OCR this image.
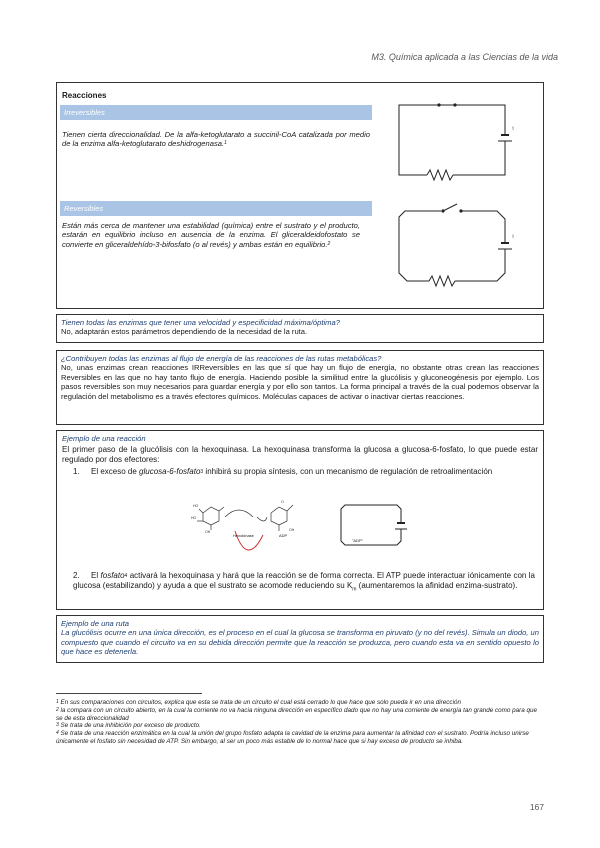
M3. Química aplicada a las Ciencias de la vida
Reacciones
Irreversibles
Tienen cierta direccionalidad. De la alfa-ketoglutarato a succinil-CoA catalizada por medio de la enzima alfa-ketoglutarato deshidrogenasa.$^1$
Reversibles
Están más cerca de mantener una estabilidad (química) entre el sustrato y el producto, estarán en equilibrio incluso en ausencia de la enzima. El gliceraldeidofostato se convierte en gliceraldehído-3-bifosfato (o al revés) y ambas están en equilibrio.$^2$
¹
¹
Tienen todas las enzimas que tener una velocidad y especificidad máxima/óptima?
No, adaptarán estos parámetros dependiendo de la necesidad de la ruta.
¿Contribuyen todas las enzimas al flujo de energía de las reacciones de las rutas metabólicas?
No, unas enzimas crean reacciones IRReversibles en las que sí que hay un flujo de energía, no obstante otras crean las reacciones Reversibles en las que no hay tanto flujo de energía. Haciendo posible la similitud entre la glucólisis y gluconeogénesis por ejemplo. Los pasos reversibles son muy necesarios para guardar energía y por ello son tantos. La forma principal a través de la cual podemos observar la regulación del metabolismo es a través efectores químicos. Moléculas capaces de activar o inactivar ciertas reacciones.
Ejemplo de una reacción
El primer paso de la glucólisis con la hexoquinasa. La hexoquinasa transforma la glucosa a glucosa-6-fosfato, lo que puede estar regulado por dos efectores:
1. El exceso de glucosa-6-fosfato$^3$ inhibirá su propia síntesis, con un mecanismo de regulación de retroalimentación
HO
HO
OH
O
OH
Hexokinase	ADP
"ADP"
2. El fosfato$^4$ activará la hexoquinasa y hará que la reacción se de forma correcta. El ATP puede interactuar iónicamente con la glucosa (estabilizando) y ayuda a que el sustrato se acomode reduciendo su $K_m$ (aumentaremos la afinidad enzima-sustrato).
Ejemplo de una ruta
La glucólisis ocurre en una única dirección, es el proceso en el cual la glucosa se transforma en piruvato (y no del revés). Simula un diodo, un compuesto que cuando el circuito va en su debida dirección permite que la reacción se produzca, pero cuando esta va en sentido opuesto lo que hace es detenerla.
$^1$ En sus comparaciones con circuitos, explica que esta se trata de un circuito el cual está cerrado lo que hace que solo pueda ir en una dirección
$^2$ la compara con un circuito abierto, en la cual la corriente no va hacia ninguna dirección en específico dado que no hay una corriente de energía tan grande como para que se de esta direccionalidad
$^3$ Se trata de una inhibición por exceso de producto.
$^4$ Se trata de una reacción enzimática en la cual la unión del grupo fosfato adapta la cavidad de la enzima para aumentar la afinidad con el sustrato. Podría incluso unirse únicamente el fosfato sin necesidad de ATP. Sin embargo, al ser un poco más estable de lo normal hace que si hay exceso de producto se inhiba.
167
